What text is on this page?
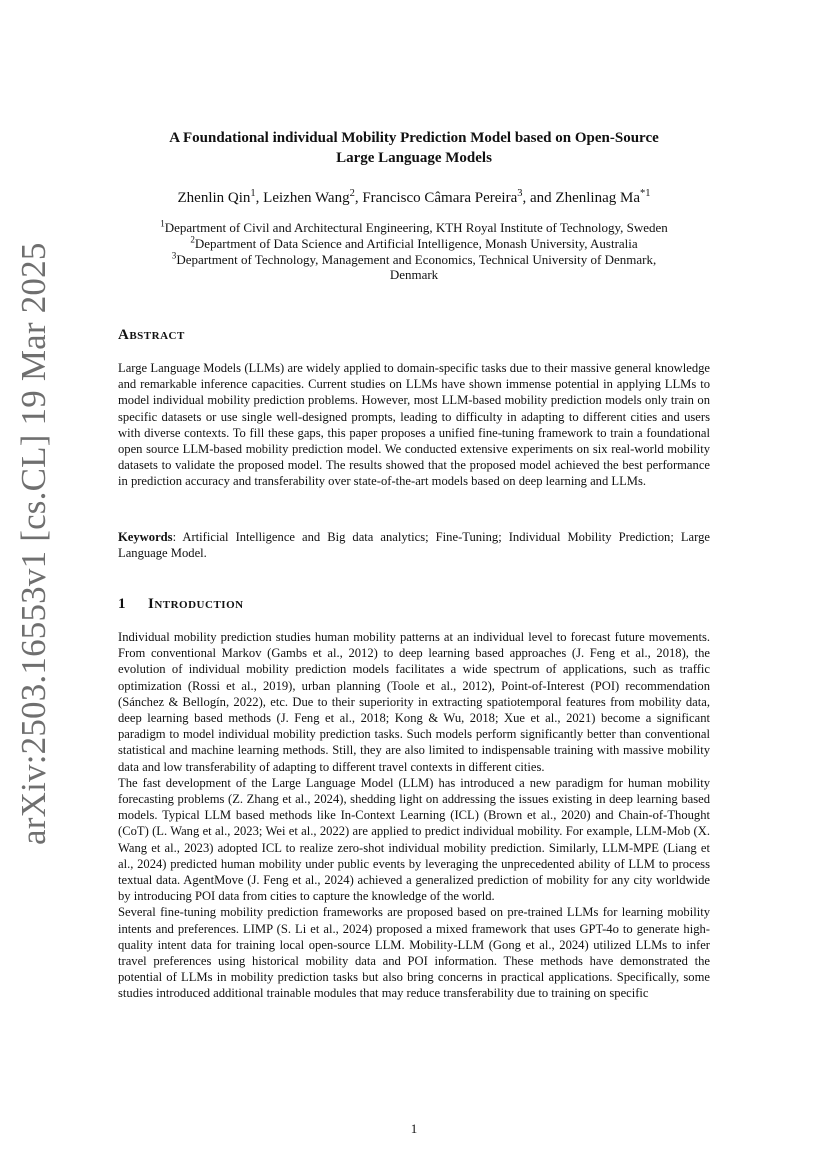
arXiv:2503.16553v1 [cs.CL] 19 Mar 2025
A Foundational individual Mobility Prediction Model based on Open-Source
Large Language Models
Zhenlin Qin$^1$, Leizhen Wang$^2$, Francisco Câmara Pereira$^3$, and Zhenlinag Ma$^{*1}$
$^1$Department of Civil and Architectural Engineering, KTH Royal Institute of Technology, Sweden
$^2$Department of Data Science and Artificial Intelligence, Monash University, Australia
$^3$Department of Technology, Management and Economics, Technical University of Denmark,
Denmark
Abstract

Large Language Models (LLMs) are widely applied to domain-specific tasks due to their massive general knowledge and remarkable inference capacities. Current studies on LLMs have shown immense potential in applying LLMs to model individual mobility prediction problems. However, most LLM-based mobility prediction models only train on specific datasets or use single well-designed prompts, leading to difficulty in adapting to different cities and users with diverse contexts. To fill these gaps, this paper proposes a unified fine-tuning framework to train a foundational open source LLM-based mobility prediction model. We conducted extensive experiments on six real-world mobility datasets to validate the proposed model. The results showed that the proposed model achieved the best performance in prediction accuracy and transferability over state-of-the-art models based on deep learning and LLMs.

Keywords: Artificial Intelligence and Big data analytics; Fine-Tuning; Individual Mobility Prediction; Large Language Model.

1 Introduction

Individual mobility prediction studies human mobility patterns at an individual level to forecast future movements. From conventional Markov (Gambs et al., 2012) to deep learning based approaches (J. Feng et al., 2018), the evolution of individual mobility prediction models facilitates a wide spectrum of applications, such as traffic optimization (Rossi et al., 2019), urban planning (Toole et al., 2012), Point-of-Interest (POI) recommendation (Sánchez & Bellogín, 2022), etc. Due to their superiority in extracting spatiotemporal features from mobility data, deep learning based methods (J. Feng et al., 2018; Kong & Wu, 2018; Xue et al., 2021) become a significant paradigm to model individual mobility prediction tasks. Such models perform significantly better than conventional statistical and machine learning methods. Still, they are also limited to indispensable training with massive mobility data and low transferability of adapting to different travel contexts in different cities.

The fast development of the Large Language Model (LLM) has introduced a new paradigm for human mobility forecasting problems (Z. Zhang et al., 2024), shedding light on addressing the issues existing in deep learning based models. Typical LLM based methods like In-Context Learning (ICL) (Brown et al., 2020) and Chain-of-Thought (CoT) (L. Wang et al., 2023; Wei et al., 2022) are applied to predict individual mobility. For example, LLM-Mob (X. Wang et al., 2023) adopted ICL to realize zero-shot individual mobility prediction. Similarly, LLM-MPE (Liang et al., 2024) predicted human mobility under public events by leveraging the unprecedented ability of LLM to process textual data. AgentMove (J. Feng et al., 2024) achieved a generalized prediction of mobility for any city worldwide by introducing POI data from cities to capture the knowledge of the world.

Several fine-tuning mobility prediction frameworks are proposed based on pre-trained LLMs for learning mobility intents and preferences. LIMP (S. Li et al., 2024) proposed a mixed framework that uses GPT-4o to generate high-quality intent data for training local open-source LLM. Mobility-LLM (Gong et al., 2024) utilized LLMs to infer travel preferences using historical mobility data and POI information. These methods have demonstrated the potential of LLMs in mobility prediction tasks but also bring concerns in practical applications. Specifically, some studies introduced additional trainable modules that may reduce transferability due to training on specific

1
